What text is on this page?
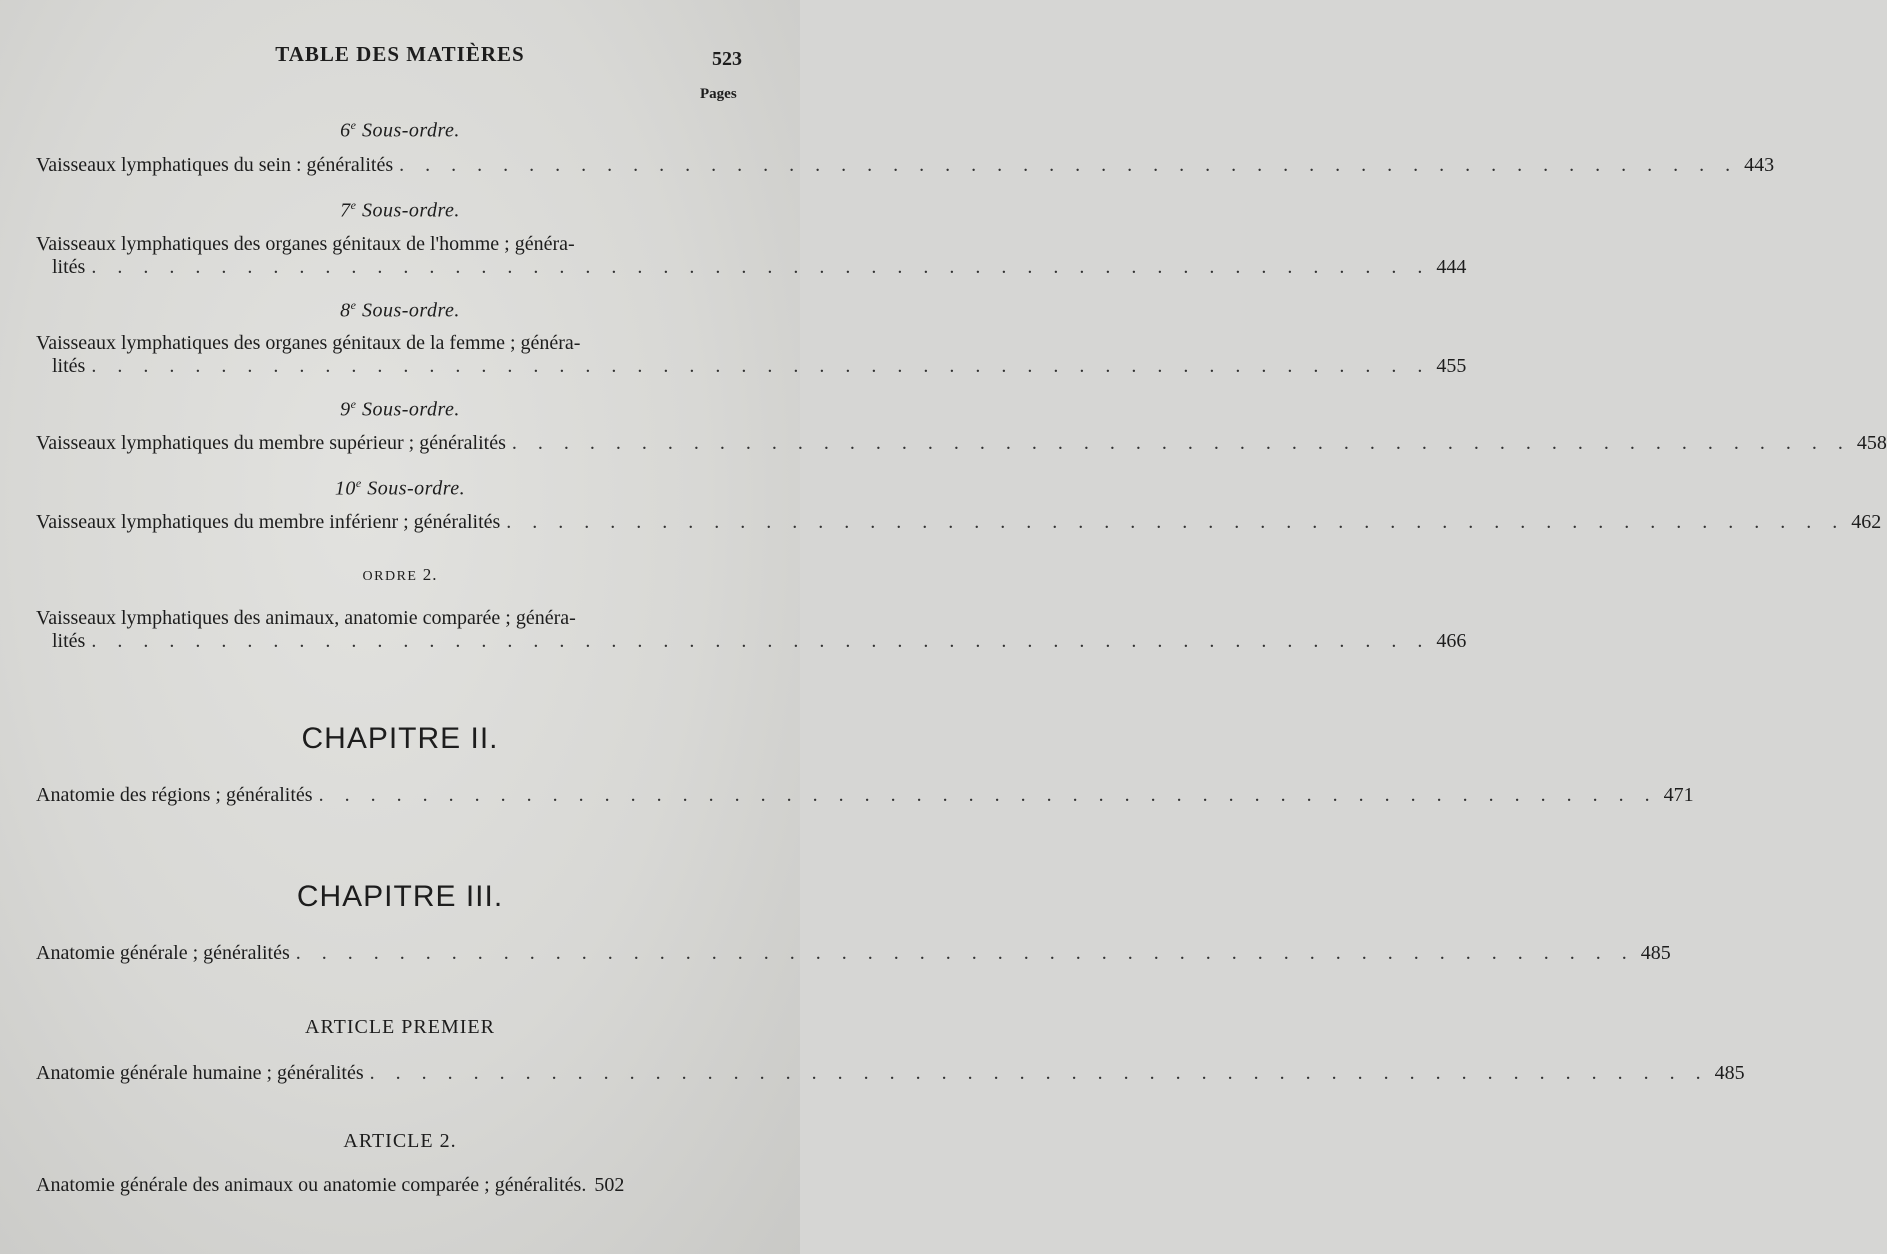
TABLE DES MATIÈRES	523
Pages
6e Sous-ordre.
Vaisseaux lymphatiques du sein : généralités . . . . . . . . . . . . . . . . . . . . . . . . . . . . . . . . . . . . . . . . . . . . . . . . . . . . 443
7e Sous-ordre.
Vaisseaux lymphatiques des organes génitaux de l'homme ; généra-
lités . . . . . . . . . . . . . . . . . . . . . . . . . . . . . . . . . . . . . . . . . . . . . . . . . . . . 444
8e Sous-ordre.
Vaisseaux lymphatiques des organes génitaux de la femme ; généra-
lités . . . . . . . . . . . . . . . . . . . . . . . . . . . . . . . . . . . . . . . . . . . . . . . . . . . . 455
9e Sous-ordre.
Vaisseaux lymphatiques du membre supérieur ; généralités . . . . . . . . . . . . . . . . . . . . . . . . . . . . . . . . . . . . . . . . . . . . . . . . . . . . 458
10e Sous-ordre.
Vaisseaux lymphatiques du membre inférienr ; généralités . . . . . . . . . . . . . . . . . . . . . . . . . . . . . . . . . . . . . . . . . . . . . . . . . . . . 462
ORDRE 2.
Vaisseaux lymphatiques des animaux, anatomie comparée ; généra-
lités . . . . . . . . . . . . . . . . . . . . . . . . . . . . . . . . . . . . . . . . . . . . . . . . . . . . 466
CHAPITRE II.
Anatomie des régions ; généralités . . . . . . . . . . . . . . . . . . . . . . . . . . . . . . . . . . . . . . . . . . . . . . . . . . . . 471
CHAPITRE III.
Anatomie générale ; généralités . . . . . . . . . . . . . . . . . . . . . . . . . . . . . . . . . . . . . . . . . . . . . . . . . . . . 485
ARTICLE PREMIER
Anatomie générale humaine ; généralités . . . . . . . . . . . . . . . . . . . . . . . . . . . . . . . . . . . . . . . . . . . . . . . . . . . . 485
ARTICLE 2.
Anatomie générale des animaux ou anatomie comparée ; généralités. 502
